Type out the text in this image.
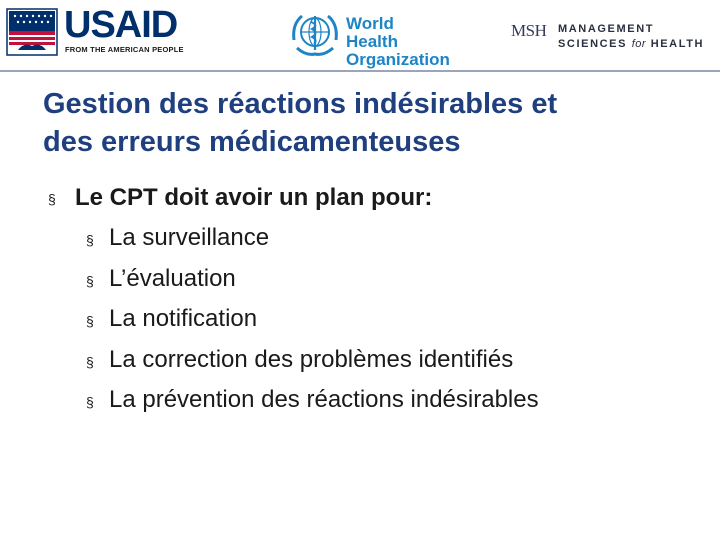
USAID
FROM THE AMERICAN PEOPLE
World Health
Organization
MSH MANAGEMENT
SCIENCES for HEALTH
Gestion des réactions indésirables et
des erreurs médicamenteuses
§ Le CPT doit avoir un plan pour:
§ La surveillance
§ L’évaluation
§ La notification
§ La correction des problèmes identifiés
§ La prévention des réactions indésirables
